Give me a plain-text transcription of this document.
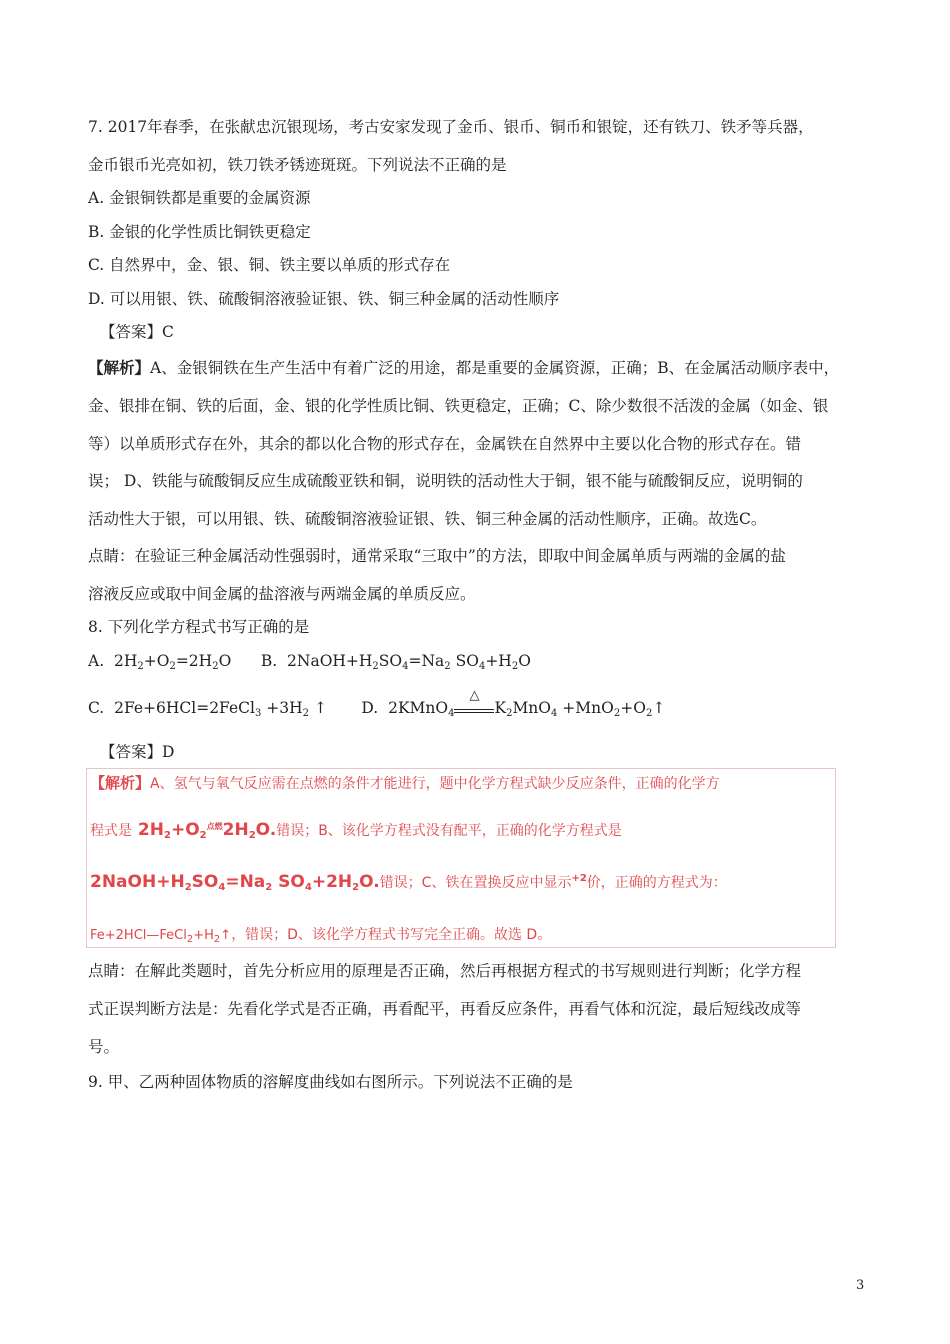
7. 2017年春季，在张献忠沉银现场，考古安家发现了金币、银币、铜币和银锭，还有铁刀、铁矛等兵器，
金币银币光亮如初，铁刀铁矛锈迹斑斑。下列说法不正确的是
A. 金银铜铁都是重要的金属资源
B. 金银的化学性质比铜铁更稳定
C. 自然界中，金、银、铜、铁主要以单质的形式存在
D. 可以用银、铁、硫酸铜溶液验证银、铁、铜三种金属的活动性顺序
【答案】C
【解析】A、金银铜铁在生产生活中有着广泛的用途，都是重要的金属资源，正确；B、在金属活动顺序表中，
金、银排在铜、铁的后面，金、银的化学性质比铜、铁更稳定，正确；C、除少数很不活泼的金属（如金、银
等）以单质形式存在外，其余的都以化合物的形式存在，金属铁在自然界中主要以化合物的形式存在。错
误； D、铁能与硫酸铜反应生成硫酸亚铁和铜，说明铁的活动性大于铜，银不能与硫酸铜反应，说明铜的
活动性大于银，可以用银、铁、硫酸铜溶液验证银、铁、铜三种金属的活动性顺序，正确。故选C。
点睛：在验证三种金属活动性强弱时，通常采取“三取中”的方法，即取中间金属单质与两端的金属的盐
溶液反应或取中间金属的盐溶液与两端金属的单质反应。
8. 下列化学方程式书写正确的是
A.  $2H_2+O_2=2H_2O$      B.  $2NaOH+H_2SO_4=Na_2$ $SO_4+H_2O$
C.  2Fe+6HCl=2FeCl$_3$ $+3H_2$ ↑       D.  2KMnO$_4$
△
$K_2MnO_4$ $+MnO_2+O_2↑$
【答案】D
【解析】A、氢气与氧气反应需在点燃的条件才能进行，题中化学方程式缺少反应条件，正确的化学方
程式是 $2H_2+O_2^{点燃}2H_2O$.错误；B、该化学方程式没有配平，正确的化学方程式是
$2NaOH+H_2SO_4=Na_2$ $SO_4+2H_2O$.错误；C、铁在置换反应中显示$^{+2}$价，正确的方程式为：
$Fe+2HCl—FeCl_2+H_2↑$，错误；D、该化学方程式书写完全正确。故选 D。
点睛：在解此类题时，首先分析应用的原理是否正确，然后再根据方程式的书写规则进行判断；化学方程
式正误判断方法是：先看化学式是否正确，再看配平，再看反应条件，再看气体和沉淀，最后短线改成等
号。
9. 甲、乙两种固体物质的溶解度曲线如右图所示。下列说法不正确的是
3
